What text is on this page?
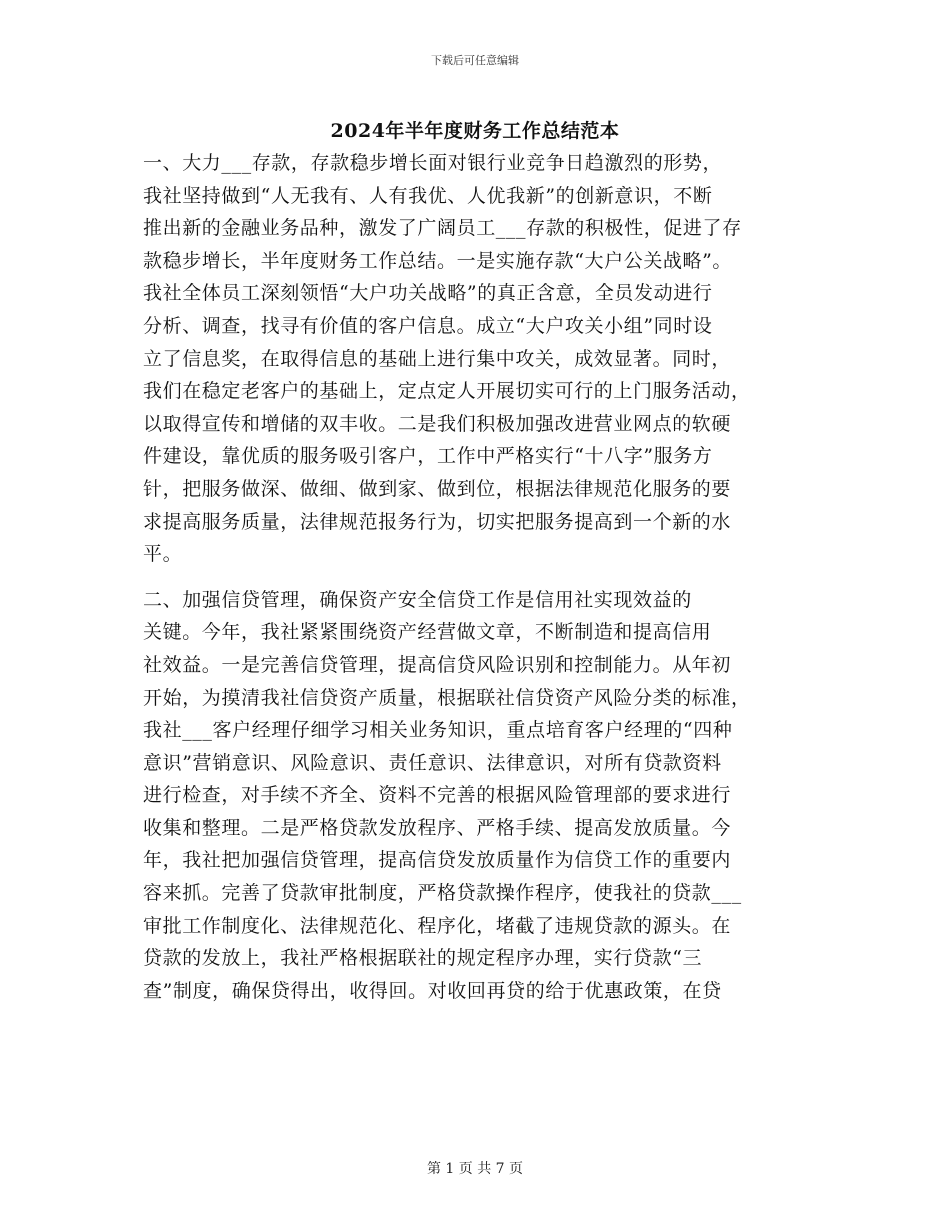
下载后可任意编辑
2024年半年度财务工作总结范本
一、大力___存款，存款稳步增长面对银行业竞争日趋激烈的形势，
我社坚持做到“人无我有、人有我优、人优我新”的创新意识，不断
推出新的金融业务品种，激发了广阔员工___存款的积极性，促进了存
款稳步增长，半年度财务工作总结。一是实施存款“大户公关战略”。
我社全体员工深刻领悟“大户功关战略”的真正含意，全员发动进行
分析、调查，找寻有价值的客户信息。成立“大户攻关小组”同时设
立了信息奖，在取得信息的基础上进行集中攻关，成效显著。同时，
我们在稳定老客户的基础上，定点定人开展切实可行的上门服务活动，
以取得宣传和增储的双丰收。二是我们积极加强改进营业网点的软硬
件建设，靠优质的服务吸引客户，工作中严格实行“十八字”服务方
针，把服务做深、做细、做到家、做到位，根据法律规范化服务的要
求提高服务质量，法律规范报务行为，切实把服务提高到一个新的水
平。
二、加强信贷管理，确保资产安全信贷工作是信用社实现效益的
关键。今年，我社紧紧围绕资产经营做文章，不断制造和提高信用
社效益。一是完善信贷管理，提高信贷风险识别和控制能力。从年初
开始，为摸清我社信贷资产质量，根据联社信贷资产风险分类的标准，
我社___客户经理仔细学习相关业务知识，重点培育客户经理的“四种
意识”营销意识、风险意识、责任意识、法律意识，对所有贷款资料
进行检查，对手续不齐全、资料不完善的根据风险管理部的要求进行
收集和整理。二是严格贷款发放程序、严格手续、提高发放质量。今
年，我社把加强信贷管理，提高信贷发放质量作为信贷工作的重要内
容来抓。完善了贷款审批制度，严格贷款操作程序，使我社的贷款___
审批工作制度化、法律规范化、程序化，堵截了违规贷款的源头。在
贷款的发放上，我社严格根据联社的规定程序办理，实行贷款“三
查”制度，确保贷得出，收得回。对收回再贷的给于优惠政策，在贷
第 1 页 共 7 页
